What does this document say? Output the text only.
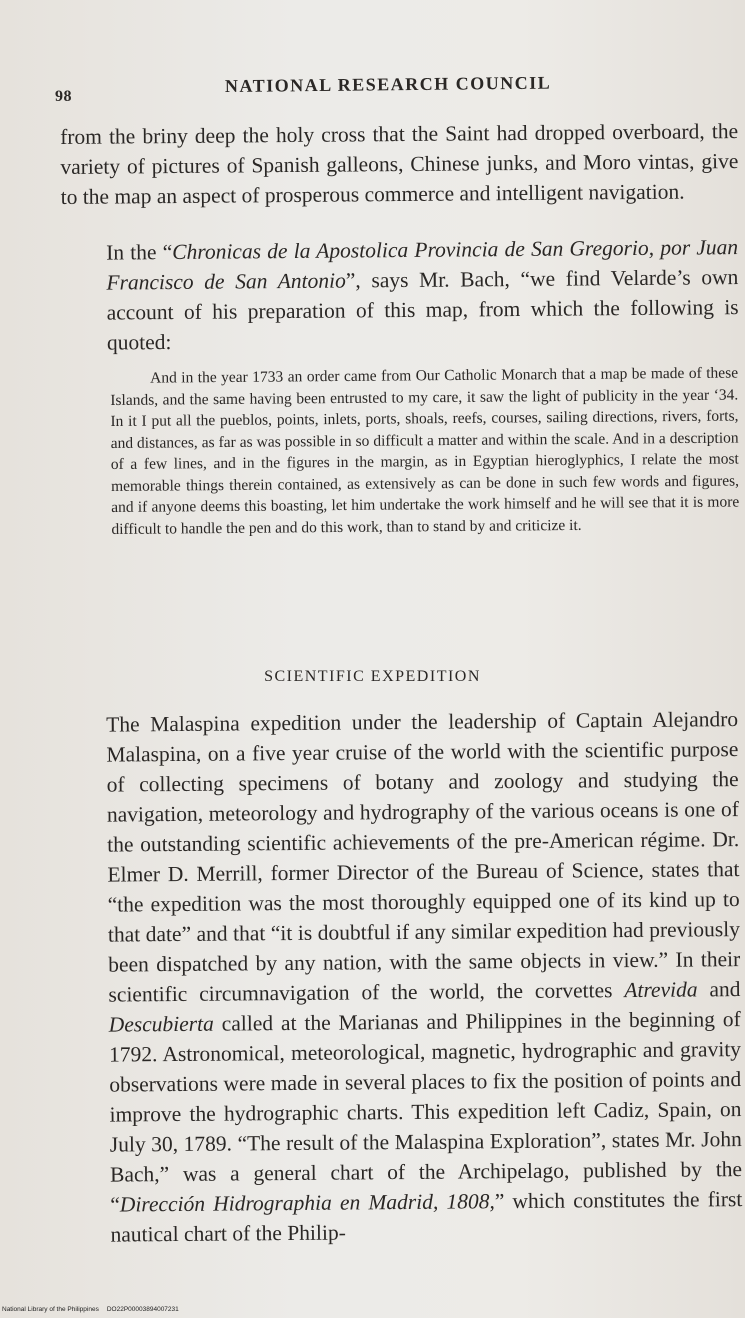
98
NATIONAL RESEARCH COUNCIL

from the briny deep the holy cross that the Saint had dropped overboard, the variety of pictures of Spanish galleons, Chinese junks, and Moro vintas, give to the map an aspect of prosperous commerce and intelligent navigation.

In the “Chronicas de la Apostolica Provincia de San Gregorio, por Juan Francisco de San Antonio”, says Mr. Bach, “we find Velarde’s own account of his preparation of this map, from which the following is quoted:

And in the year 1733 an order came from Our Catholic Monarch that a map be made of these Islands, and the same having been entrusted to my care, it saw the light of publicity in the year ‘34. In it I put all the pueblos, points, inlets, ports, shoals, reefs, courses, sailing directions, rivers, forts, and distances, as far as was possible in so difficult a matter and within the scale. And in a description of a few lines, and in the figures in the margin, as in Egyptian hieroglyphics, I relate the most memorable things therein contained, as extensively as can be done in such few words and figures, and if anyone deems this boasting, let him undertake the work himself and he will see that it is more difficult to handle the pen and do this work, than to stand by and criticize it.

SCIENTIFIC EXPEDITION

The Malaspina expedition under the leadership of Captain Alejandro Malaspina, on a five year cruise of the world with the scientific purpose of collecting specimens of botany and zoology and studying the navigation, meteorology and hydrography of the various oceans is one of the outstanding scientific achievements of the pre-American régime. Dr. Elmer D. Merrill, former Director of the Bureau of Science, states that “the expedition was the most thoroughly equipped one of its kind up to that date” and that “it is doubtful if any similar expedition had previously been dispatched by any nation, with the same objects in view.” In their scientific circumnavigation of the world, the corvettes Atrevida and Descubierta called at the Marianas and Philippines in the beginning of 1792. Astronomical, meteorological, magnetic, hydrographic and gravity observations were made in several places to fix the position of points and improve the hydrographic charts. This expedition left Cadiz, Spain, on July 30, 1789. “The result of the Malaspina Exploration”, states Mr. John Bach,” was a general chart of the Archipelago, published by the “Dirección Hidrographia en Madrid, 1808,” which constitutes the first nautical chart of the Philip-

National Library of the Philippines DO22P00003894007231
